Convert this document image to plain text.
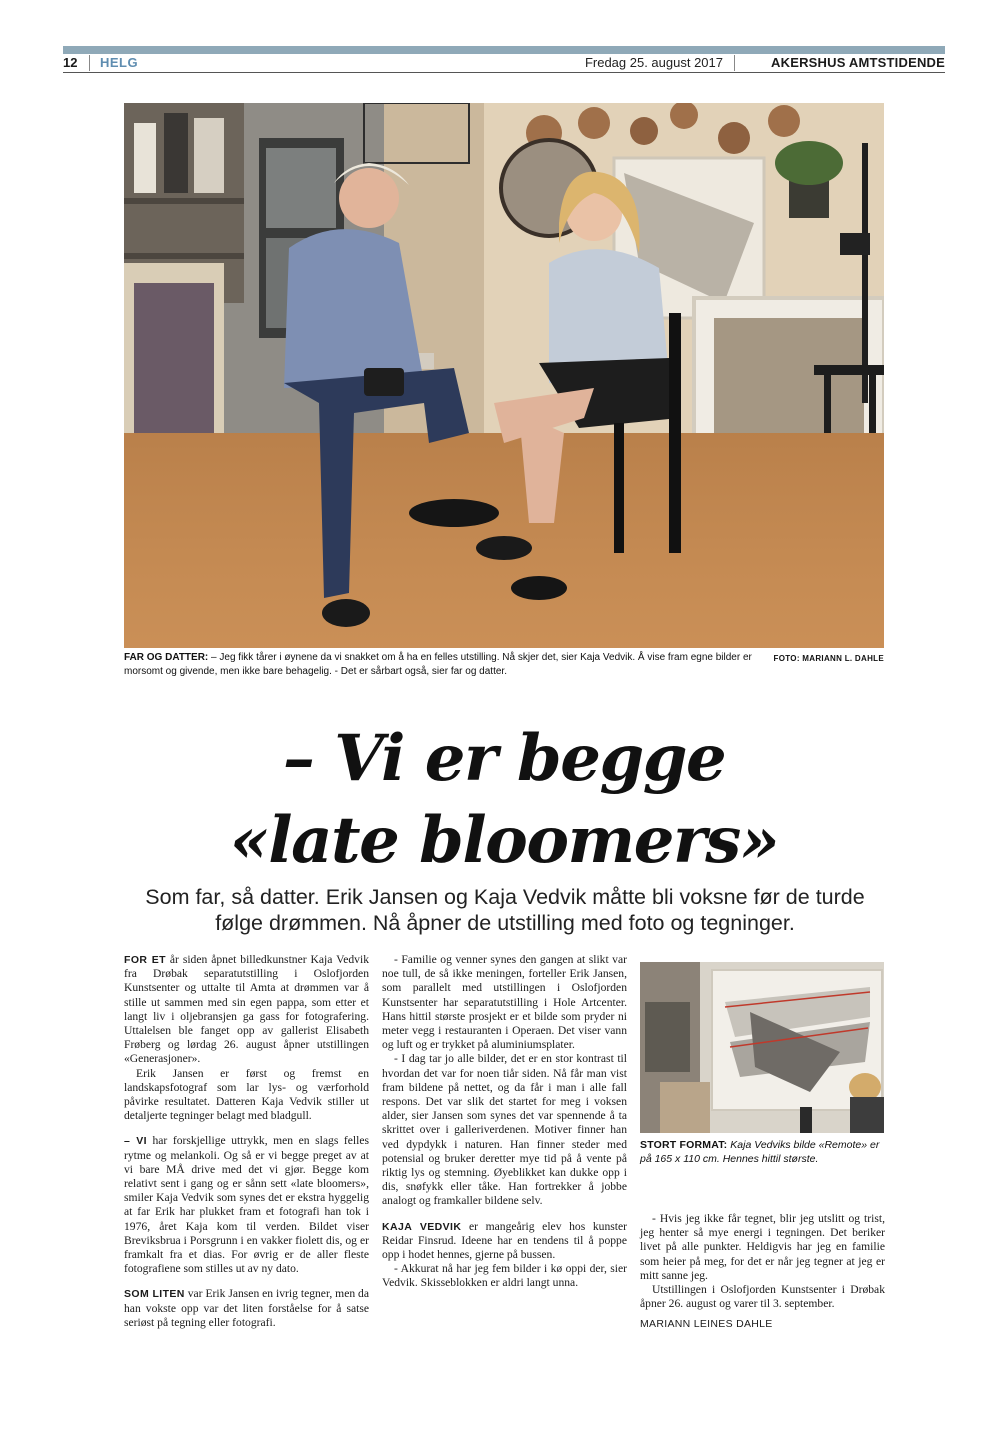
12 HELG	Fredag 25. august 2017	AKERSHUS AMTSTIDENDE
FOTO: MARIANN L. DAHLE
FAR OG DATTER: – Jeg fikk tårer i øynene da vi snakket om å ha en felles utstilling. Nå skjer det, sier Kaja Vedvik. Å vise fram egne bilder er morsomt og givende, men ikke bare behagelig. - Det er sårbart også, sier far og datter.
– Vi er begge
«late bloomers»
Som far, så datter. Erik Jansen og Kaja Vedvik måtte bli voksne før de turde
følge drømmen. Nå åpner de utstilling med foto og tegninger.

FOR ET år siden åpnet billedkunstner Kaja Vedvik fra Drøbak separatutstilling i Oslofjorden Kunstsenter og uttalte til Amta at drømmen var å stille ut sammen med sin egen pappa, som etter et langt liv i oljebransjen ga gass for fotografering. Uttalelsen ble fanget opp av gallerist Elisabeth Frøberg og lørdag 26. august åpner utstillingen «Generasjoner».

Erik Jansen er først og fremst en landskapsfotograf som lar lys- og værforhold påvirke resultatet. Datteren Kaja Vedvik stiller ut detaljerte tegninger belagt med bladgull.

– VI har forskjellige uttrykk, men en slags felles rytme og melankoli. Og så er vi begge preget av at vi bare MÅ drive med det vi gjør. Begge kom relativt sent i gang og er sånn sett «late bloomers», smiler Kaja Vedvik som synes det er ekstra hyggelig at far Erik har plukket fram et fotografi han tok i 1976, året Kaja kom til verden. Bildet viser Breviksbrua i Porsgrunn i en vakker fiolett dis, og er framkalt fra et dias. For øvrig er de aller fleste fotografiene som stilles ut av ny dato.

SOM LITEN var Erik Jansen en ivrig tegner, men da han vokste opp var det liten forståelse for å satse seriøst på tegning eller fotografi.

- Familie og venner synes den gangen at slikt var noe tull, de så ikke meningen, forteller Erik Jansen, som parallelt med utstillingen i Oslofjorden Kunstsenter har separatutstilling i Hole Artcenter. Hans hittil største prosjekt er et bilde som pryder ni meter vegg i restauranten i Operaen. Det viser vann og luft og er trykket på aluminiumsplater.

- I dag tar jo alle bilder, det er en stor kontrast til hvordan det var for noen tiår siden. Nå får man vist fram bildene på nettet, og da får i man i alle fall respons. Det var slik det startet for meg i voksen alder, sier Jansen som synes det var spennende å ta skrittet over i galleriverdenen. Motiver finner han ved dypdykk i naturen. Han finner steder med potensial og bruker deretter mye tid på å vente på riktig lys og stemning. Øyeblikket kan dukke opp i dis, snøfykk eller tåke. Han fortrekker å jobbe analogt og framkaller bildene selv.

KAJA VEDVIK er mangeårig elev hos kunster Reidar Finsrud. Ideene har en tendens til å poppe opp i hodet hennes, gjerne på bussen.

- Akkurat nå har jeg fem bilder i kø oppi der, sier Vedvik. Skisseblokken er aldri langt unna.

STORT FORMAT: Kaja Vedviks bilde «Remote» er på 165 x 110 cm. Hennes hittil største.

- Hvis jeg ikke får tegnet, blir jeg utslitt og trist, jeg henter så mye energi i tegningen. Det beriker livet på alle punkter. Heldigvis har jeg en familie som heier på meg, for det er når jeg tegner at jeg er mitt sanne jeg.

Utstillingen i Oslofjorden Kunstsenter i Drøbak åpner 26. august og varer til 3. september.

MARIANN LEINES DAHLE
